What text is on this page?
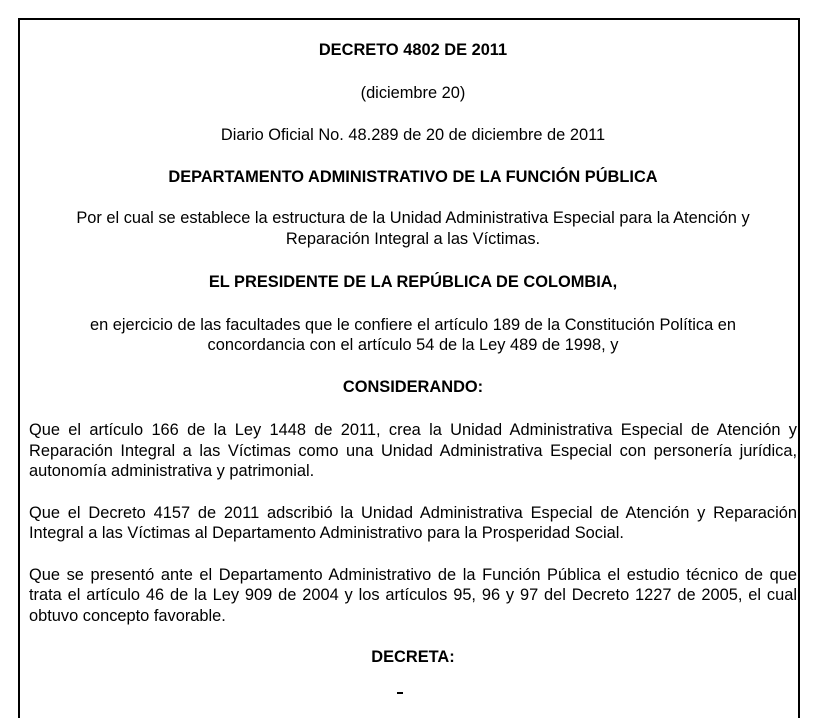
DECRETO 4802 DE 2011

(diciembre 20)

Diario Oficial No. 48.289 de 20 de diciembre de 2011

DEPARTAMENTO ADMINISTRATIVO DE LA FUNCIÓN PÚBLICA

Por el cual se establece la estructura de la Unidad Administrativa Especial para la Atención y
Reparación Integral a las Víctimas.

EL PRESIDENTE DE LA REPÚBLICA DE COLOMBIA,

en ejercicio de las facultades que le confiere el artículo 189 de la Constitución Política en
concordancia con el artículo 54 de la Ley 489 de 1998, y

CONSIDERANDO:

Que el artículo 166 de la Ley 1448 de 2011, crea la Unidad Administrativa Especial de Atención y Reparación Integral a las Víctimas como una Unidad Administrativa Especial con personería jurídica, autonomía administrativa y patrimonial.

Que el Decreto 4157 de 2011 adscribió la Unidad Administrativa Especial de Atención y Reparación Integral a las Víctimas al Departamento Administrativo para la Prosperidad Social.

Que se presentó ante el Departamento Administrativo de la Función Pública el estudio técnico de que trata el artículo 46 de la Ley 909 de 2004 y los artículos 95, 96 y 97 del Decreto 1227 de 2005, el cual obtuvo concepto favorable.

DECRETA:
